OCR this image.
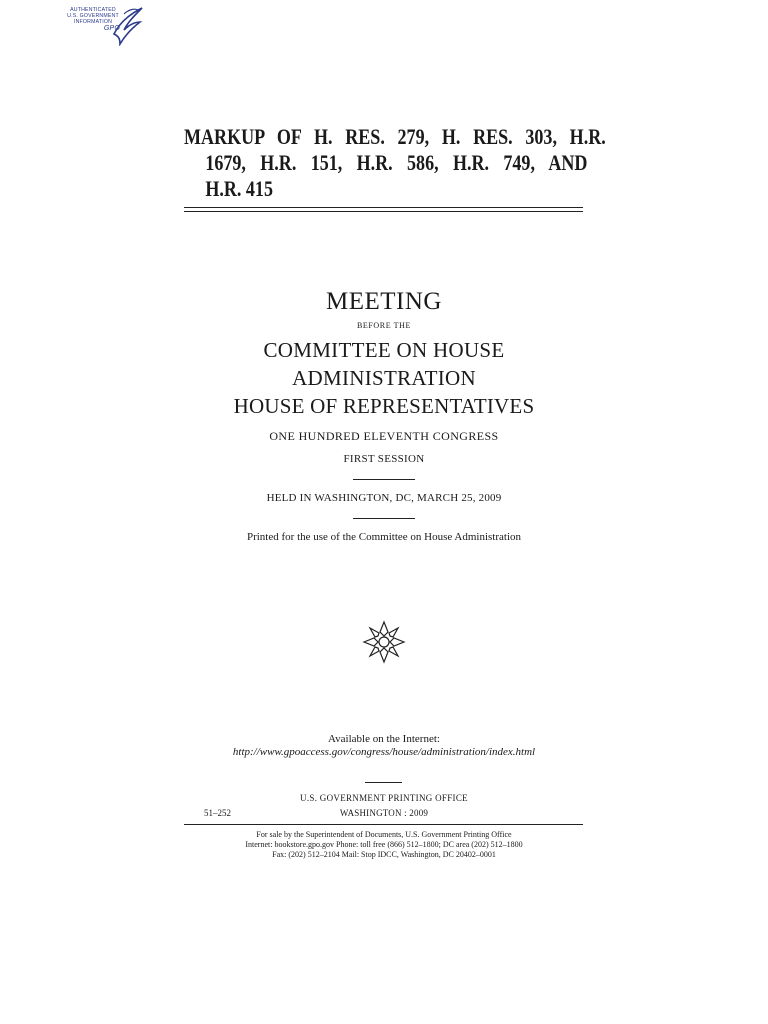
AUTHENTICATED
U.S. GOVERNMENT
INFORMATION
GPO
MARKUP OF H. RES. 279, H. RES. 303, H.R.
1679, H.R. 151, H.R. 586, H.R. 749, AND
H.R. 415
MEETING
BEFORE THE
COMMITTEE ON HOUSE
ADMINISTRATION
HOUSE OF REPRESENTATIVES
ONE HUNDRED ELEVENTH CONGRESS
FIRST SESSION
HELD IN WASHINGTON, DC, MARCH 25, 2009
Printed for the use of the Committee on House Administration
Available on the Internet:
http://www.gpoaccess.gov/congress/house/administration/index.html
U.S. GOVERNMENT PRINTING OFFICE
51–252	WASHINGTON : 2009
For sale by the Superintendent of Documents, U.S. Government Printing Office
Internet: bookstore.gpo.gov Phone: toll free (866) 512–1800; DC area (202) 512–1800
Fax: (202) 512–2104 Mail: Stop IDCC, Washington, DC 20402–0001
